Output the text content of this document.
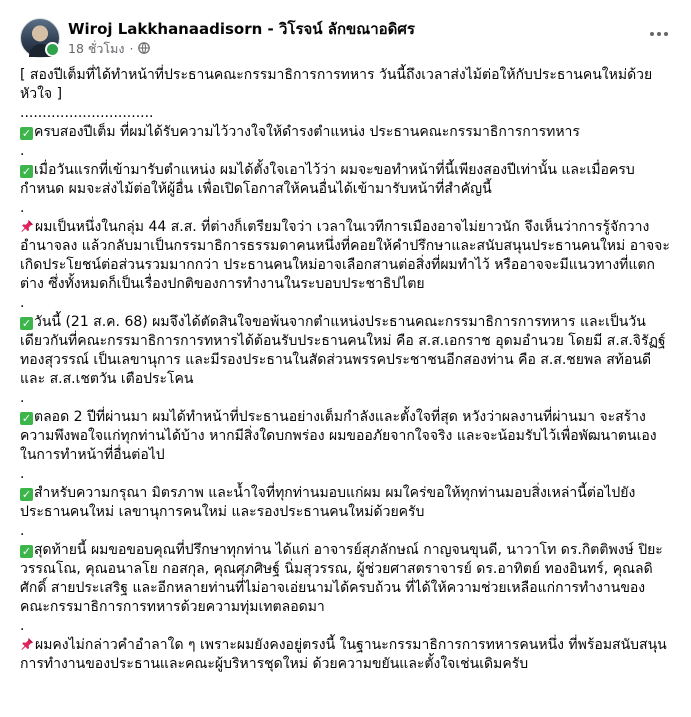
Wiroj Lakkhanaadisorn - วิโรจน์ ลักขณาอดิศร
18 ชั่วโมง ·

[ สองปีเต็มที่ได้ทำหน้าที่ประธานคณะกรรมาธิการการทหาร วันนี้ถึงเวลาส่งไม้ต่อให้กับประธานคนใหม่ด้วยหัวใจ ]
..............................

✓ ครบสองปีเต็ม ที่ผมได้รับความไว้วางใจให้ดำรงตำแหน่ง ประธานคณะกรรมาธิการการทหาร
.

✓ เมื่อวันแรกที่เข้ามารับตำแหน่ง ผมได้ตั้งใจเอาไว้ว่า ผมจะขอทำหน้าที่นี้เพียงสองปีเท่านั้น และเมื่อครบกำหนด ผมจะส่งไม้ต่อให้ผู้อื่น เพื่อเปิดโอกาสให้คนอื่นได้เข้ามารับหน้าที่สำคัญนี้
.

ผมเป็นหนึ่งในกลุ่ม 44 ส.ส. ที่ต่างก็เตรียมใจว่า เวลาในเวทีการเมืองอาจไม่ยาวนัก จึงเห็นว่าการรู้จักวางอำนาจลง แล้วกลับมาเป็นกรรมาธิการธรรมดาคนหนึ่งที่คอยให้คำปรึกษาและสนับสนุนประธานคนใหม่ อาจจะเกิดประโยชน์ต่อส่วนรวมมากกว่า ประธานคนใหม่อาจเลือกสานต่อสิ่งที่ผมทำไว้ หรืออาจจะมีแนวทางที่แตกต่าง ซึ่งทั้งหมดก็เป็นเรื่องปกติของการทำงานในระบอบประชาธิปไตย
.

✓ วันนี้ (21 ส.ค. 68) ผมจึงได้ตัดสินใจขอพ้นจากตำแหน่งประธานคณะกรรมาธิการการทหาร และเป็นวันเดียวกันที่คณะกรรมาธิการการทหารได้ต้อนรับประธานคนใหม่ คือ ส.ส.เอกราช อุดมอำนวย โดยมี ส.ส.จิรัฏฐ์ ทองสุวรรณ์ เป็นเลขานุการ และมีรองประธานในสัดส่วนพรรคประชาชนอีกสองท่าน คือ ส.ส.ชยพล สท้อนดี และ ส.ส.เชตวัน เตือประโคน
.

✓ ตลอด 2 ปีที่ผ่านมา ผมได้ทำหน้าที่ประธานอย่างเต็มกำลังและตั้งใจที่สุด หวังว่าผลงานที่ผ่านมา จะสร้างความพึงพอใจแก่ทุกท่านได้บ้าง หากมีสิ่งใดบกพร่อง ผมขออภัยจากใจจริง และจะน้อมรับไว้เพื่อพัฒนาตนเองในการทำหน้าที่อื่นต่อไป
.

✓ สำหรับความกรุณา มิตรภาพ และน้ำใจที่ทุกท่านมอบแก่ผม ผมใคร่ขอให้ทุกท่านมอบสิ่งเหล่านี้ต่อไปยังประธานคนใหม่ เลขานุการคนใหม่ และรองประธานคนใหม่ด้วยครับ
.

✓ สุดท้ายนี้ ผมขอขอบคุณที่ปรึกษาทุกท่าน ได้แก่ อาจารย์สุภลักษณ์ กาญจนขุนดี, นาวาโท ดร.กิตติพงษ์ ปิยะวรรณโณ, คุณอนาลโย กอสกุล, คุณศุภศิษฐ์ นิ่มสุวรรณ, ผู้ช่วยศาสตราจารย์ ดร.อาทิตย์ ทองอินทร์, คุณลดิศักดิ์ สายประเสริฐ และอีกหลายท่านที่ไม่อาจเอ่ยนามได้ครบถ้วน ที่ได้ให้ความช่วยเหลือแก่การทำงานของคณะกรรมาธิการการทหารด้วยความทุ่มเทตลอดมา
.

ผมคงไม่กล่าวคำอำลาใด ๆ เพราะผมยังคงอยู่ตรงนี้ ในฐานะกรรมาธิการการทหารคนหนึ่ง ที่พร้อมสนับสนุนการทำงานของประธานและคณะผู้บริหารชุดใหม่ ด้วยความขยันและตั้งใจเช่นเดิมครับ
